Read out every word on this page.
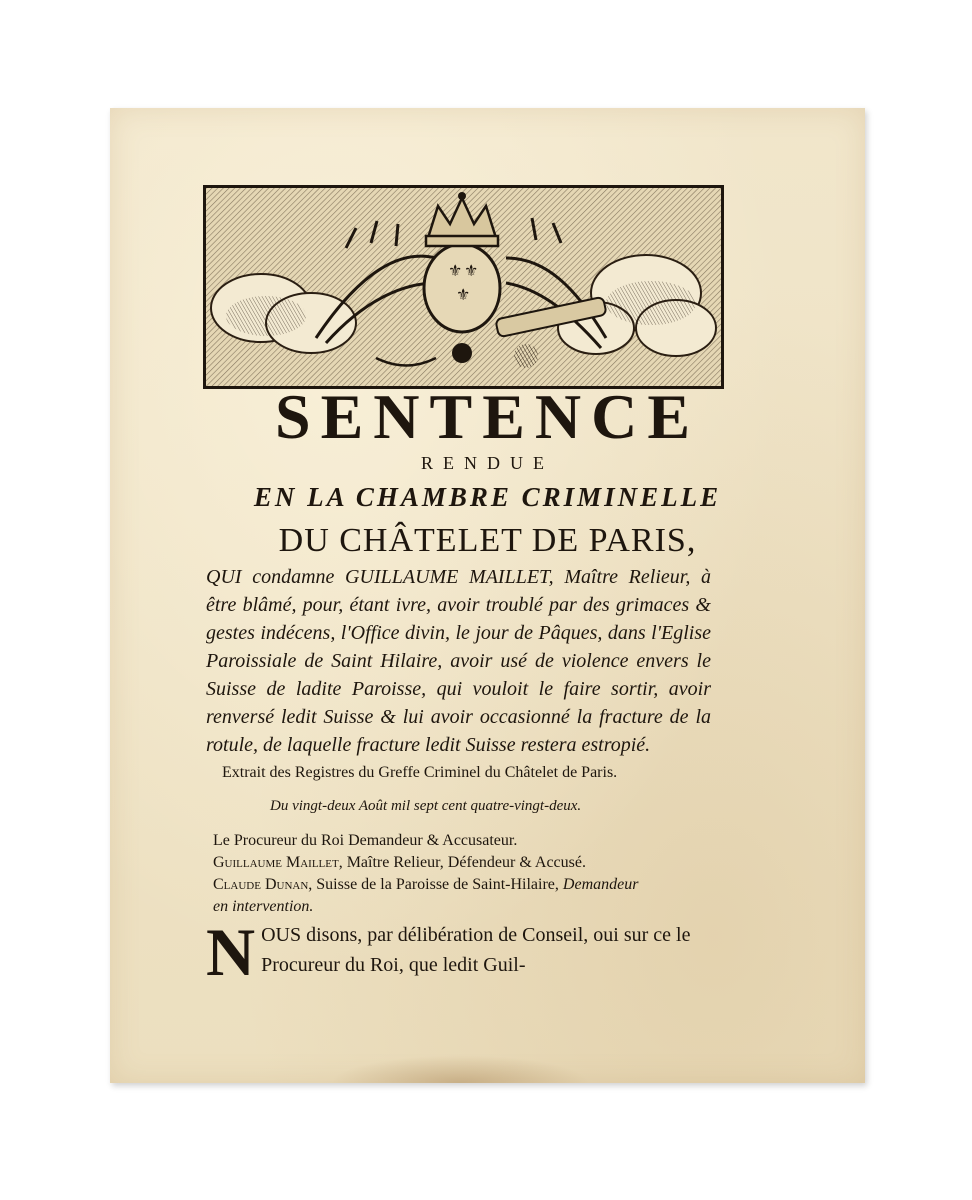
⚜ ⚜
⚜
SENTENCE
RENDUE
EN LA CHAMBRE CRIMINELLE
DU CHÂTELET DE PARIS,
QUI condamne GUILLAUME MAILLET, Maître Relieur, à être blâmé, pour, étant ivre, avoir troublé par des grimaces & gestes indécens, l'Office divin, le jour de Pâques, dans l'Eglise Paroissiale de Saint Hilaire, avoir usé de violence envers le Suisse de ladite Paroisse, qui vouloit le faire sortir, avoir renversé ledit Suisse & lui avoir occasionné la fracture de la rotule, de laquelle fracture ledit Suisse restera estropié.
Extrait des Registres du Greffe Criminel du Châtelet de Paris.
Du vingt-deux Août mil sept cent quatre-vingt-deux.
Le Procureur du Roi Demandeur & Accusateur.
Guillaume Maillet, Maître Relieur, Défendeur & Accusé.
Claude Dunan, Suisse de la Paroisse de Saint-Hilaire, Demandeur
en intervention.
N OUS disons, par délibération de Conseil, oui sur ce le Procureur du Roi, que ledit Guil-
